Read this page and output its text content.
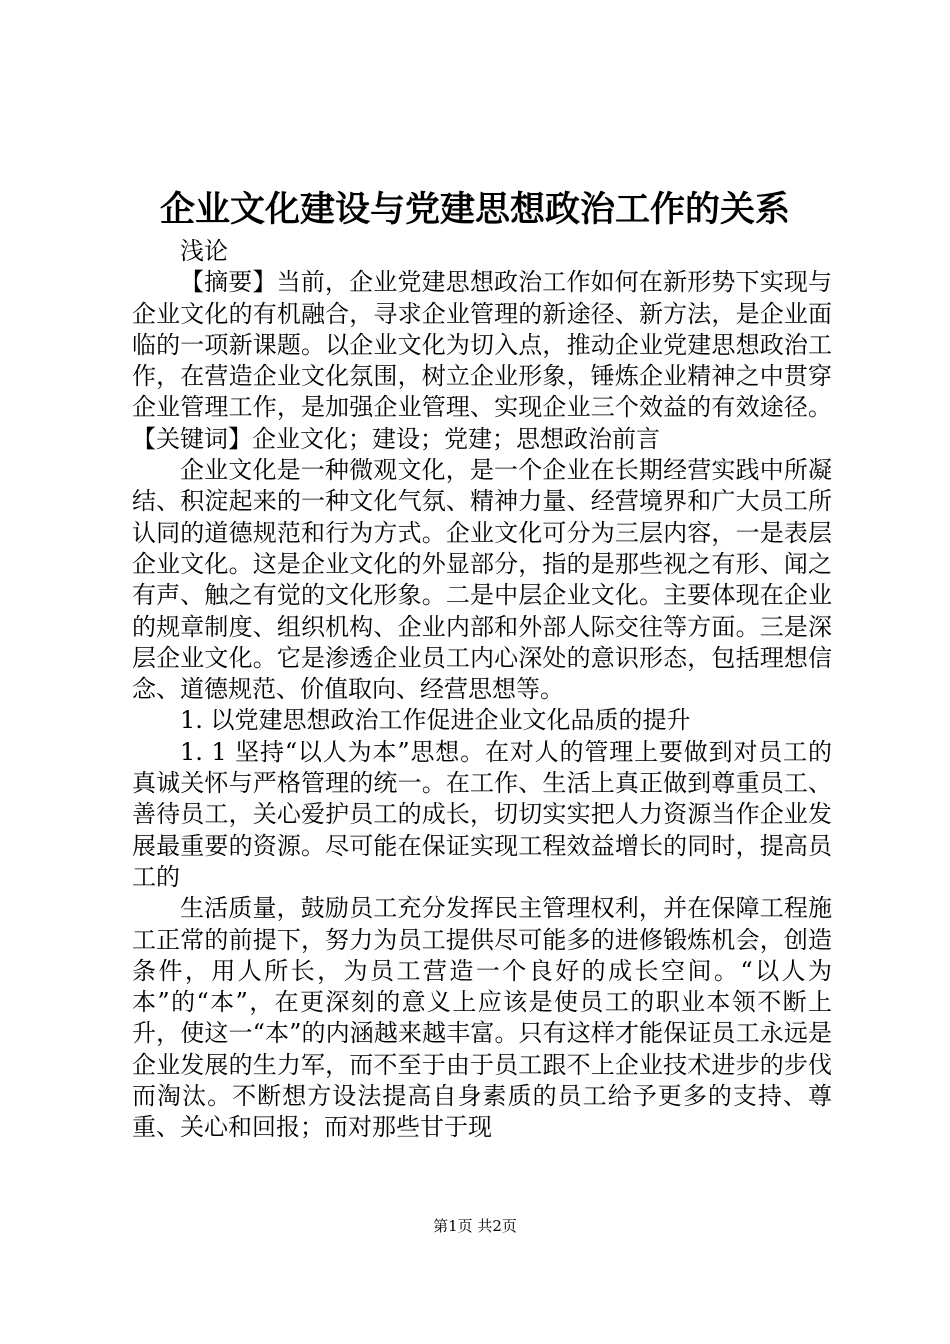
企业文化建设与党建思想政治工作的关系

浅论

【摘要】当前，企业党建思想政治工作如何在新形势下实现与企业文化的有机融合，寻求企业管理的新途径、新方法，是企业面临的一项新课题。以企业文化为切入点，推动企业党建思想政治工作，在营造企业文化氛围，树立企业形象，锤炼企业精神之中贯穿企业管理工作，是加强企业管理、实现企业三个效益的有效途径。【关键词】企业文化；建设；党建；思想政治前言

企业文化是一种微观文化，是一个企业在长期经营实践中所凝结、积淀起来的一种文化气氛、精神力量、经营境界和广大员工所认同的道德规范和行为方式。企业文化可分为三层内容，一是表层企业文化。这是企业文化的外显部分，指的是那些视之有形、闻之有声、触之有觉的文化形象。二是中层企业文化。主要体现在企业的规章制度、组织机构、企业内部和外部人际交往等方面。三是深层企业文化。它是渗透企业员工内心深处的意识形态，包括理想信念、道德规范、价值取向、经营思想等。

1. 以党建思想政治工作促进企业文化品质的提升

1. 1 坚持“以人为本”思想。在对人的管理上要做到对员工的真诚关怀与严格管理的统一。在工作、生活上真正做到尊重员工、善待员工，关心爱护员工的成长，切切实实把人力资源当作企业发展最重要的资源。尽可能在保证实现工程效益增长的同时，提高员工的

生活质量，鼓励员工充分发挥民主管理权利，并在保障工程施工正常的前提下，努力为员工提供尽可能多的进修锻炼机会，创造条件，用人所长，为员工营造一个良好的成长空间。“以人为本”的“本”，在更深刻的意义上应该是使员工的职业本领不断上升，使这一“本”的内涵越来越丰富。只有这样才能保证员工永远是企业发展的生力军，而不至于由于员工跟不上企业技术进步的步伐而淘汰。不断想方设法提高自身素质的员工给予更多的支持、尊重、关心和回报；而对那些甘于现

第1页 共2页
